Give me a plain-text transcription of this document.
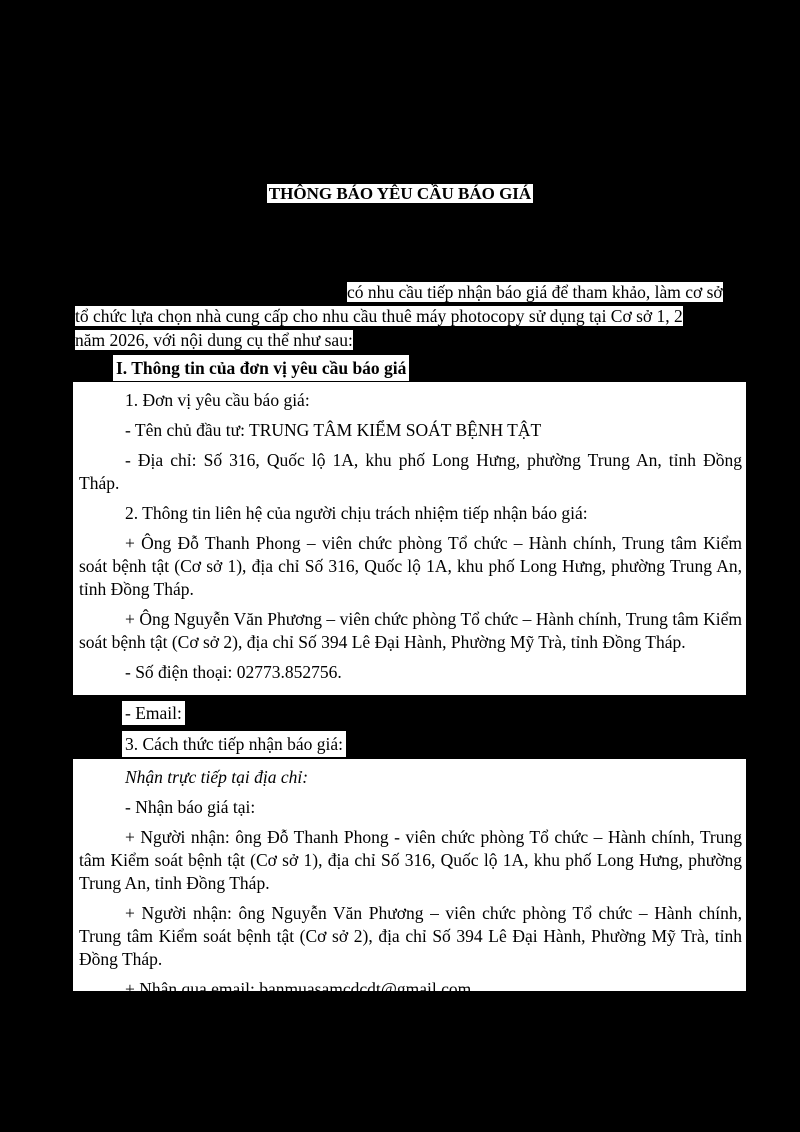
THÔNG BÁO YÊU CẦU BÁO GIÁ
có nhu cầu tiếp nhận báo giá để tham khảo, làm cơ sở
tổ chức lựa chọn nhà cung cấp cho nhu cầu thuê máy photocopy sử dụng tại Cơ sở 1, 2
năm 2026, với nội dung cụ thể như sau:
I. Thông tin của đơn vị yêu cầu báo giá

1. Đơn vị yêu cầu báo giá:

- Tên chủ đầu tư: TRUNG TÂM KIỂM SOÁT BỆNH TẬT

- Địa chỉ: Số 316, Quốc lộ 1A, khu phố Long Hưng, phường Trung An, tỉnh Đồng Tháp.

2. Thông tin liên hệ của người chịu trách nhiệm tiếp nhận báo giá:

+ Ông Đỗ Thanh Phong – viên chức phòng Tổ chức – Hành chính, Trung tâm Kiểm soát bệnh tật (Cơ sở 1), địa chỉ Số 316, Quốc lộ 1A, khu phố Long Hưng, phường Trung An, tỉnh Đồng Tháp.

+ Ông Nguyễn Văn Phương – viên chức phòng Tổ chức – Hành chính, Trung tâm Kiểm soát bệnh tật (Cơ sở 2), địa chỉ Số 394 Lê Đại Hành, Phường Mỹ Trà, tỉnh Đồng Tháp.

- Số điện thoại: 02773.852756.

- Email:
3. Cách thức tiếp nhận báo giá:

Nhận trực tiếp tại địa chỉ:

- Nhận báo giá tại:

+ Người nhận: ông Đỗ Thanh Phong - viên chức phòng Tổ chức – Hành chính, Trung tâm Kiểm soát bệnh tật (Cơ sở 1), địa chỉ Số 316, Quốc lộ 1A, khu phố Long Hưng, phường Trung An, tỉnh Đồng Tháp.

+ Người nhận: ông Nguyễn Văn Phương – viên chức phòng Tổ chức – Hành chính, Trung tâm Kiểm soát bệnh tật (Cơ sở 2), địa chỉ Số 394 Lê Đại Hành, Phường Mỹ Trà, tỉnh Đồng Tháp.

+ Nhận qua email: banmuasamcdcdt@gmail.com
